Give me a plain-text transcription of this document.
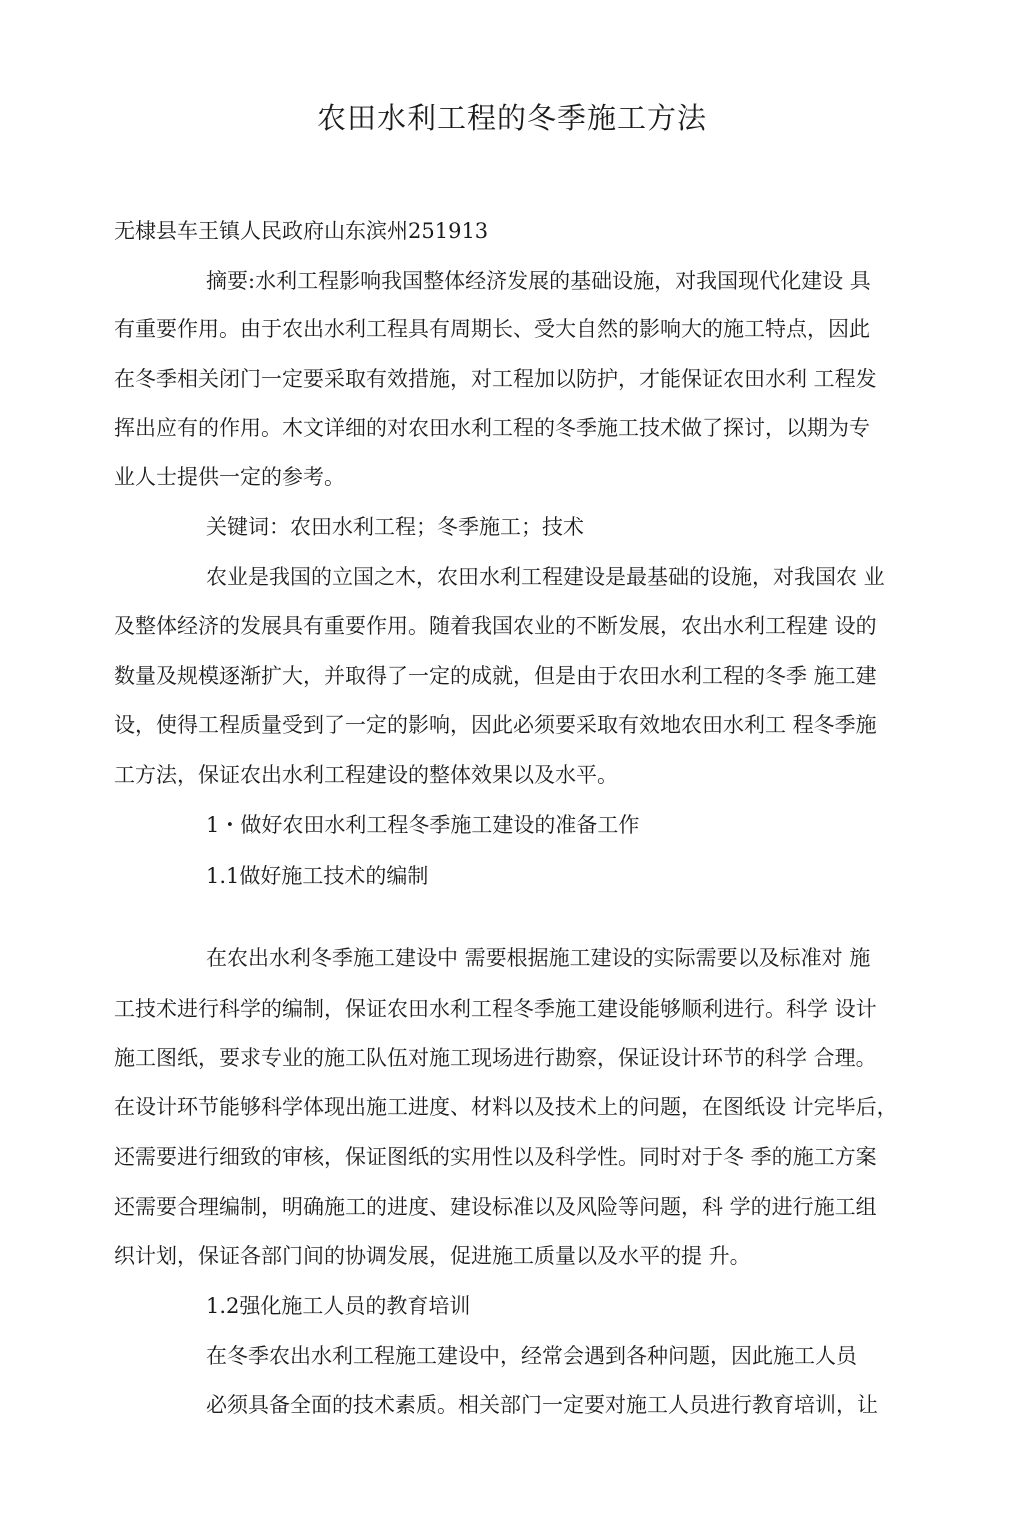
农田水利工程的冬季施工方法
无棣县车王镇人民政府山东滨州251913
摘要:水利工程影响我国整体经济发展的基础设施，对我国现代化建设 具
有重要作用。由于农出水利工程具有周期长、受大自然的影响大的施工特点，因此
在冬季相关闭门一定要采取有效措施，对工程加以防护，才能保证农田水利 工程发
挥出应有的作用。木文详细的对农田水利工程的冬季施工技术做了探讨，以期为专
业人士提供一定的参考。
关键词：农田水利工程；冬季施工；技术
农业是我国的立国之木，农田水利工程建设是最基础的设施，对我国农 业
及整体经济的发展具有重要作用。随着我国农业的不断发展，农出水利工程建 设的
数量及规模逐渐扩大，并取得了一定的成就，但是由于农田水利工程的冬季 施工建
设，使得工程质量受到了一定的影响，因此必须要采取有效地农田水利工 程冬季施
工方法，保证农出水利工程建设的整体效果以及水平。
1・做好农田水利工程冬季施工建设的准备工作
1.1做好施工技术的编制
在农出水利冬季施工建设中 需要根据施工建设的实际需要以及标准对 施
工技术进行科学的编制，保证农田水利工程冬季施工建设能够顺利进行。科学 设计
施工图纸，要求专业的施工队伍对施工现场进行勘察，保证设计环节的科学 合理。
在设计环节能够科学体现出施工进度、材料以及技术上的问题，在图纸设 计完毕后，
还需要进行细致的审核，保证图纸的实用性以及科学性。同时对于冬 季的施工方案
还需要合理编制，明确施工的进度、建设标准以及风险等问题，科 学的进行施工组
织计划，保证各部门间的协调发展，促进施工质量以及水平的提 升。
1.2强化施工人员的教育培训
在冬季农出水利工程施工建设中，经常会遇到各种问题，因此施工人员
必须具备全面的技术素质。相关部门一定要对施工人员进行教育培训，让
